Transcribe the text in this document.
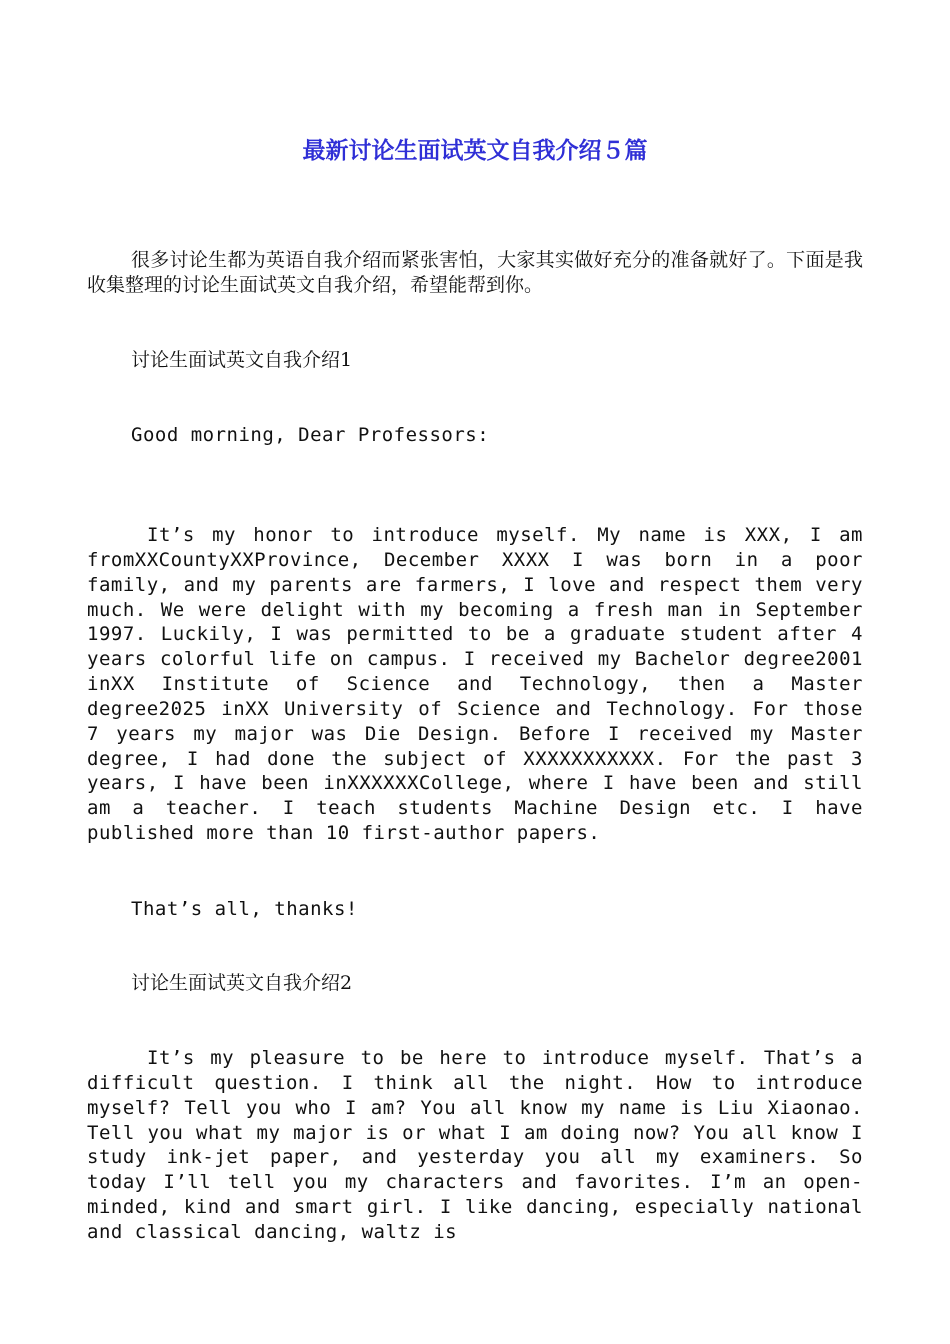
最新讨论生面试英文自我介绍５篇

很多讨论生都为英语自我介绍而紧张害怕，大家其实做好充分的准备就好了。下面是我收集整理的讨论生面试英文自我介绍，希望能帮到你。

讨论生面试英文自我介绍1

Good morning, Dear Professors:

It’s my honor to introduce myself. My name is XXX, I am fromXXCountyXXProvince, December XXXX I was born in a poor family, and my parents are farmers, I love and respect them very much. We were delight with my becoming a fresh man in September 1997. Luckily, I was permitted to be a graduate student after 4 years colorful life on campus. I received my Bachelor degree2001 inXX Institute of Science and Technology, then a Master degree2025 inXX University of Science and Technology. For those 7 years my major was Die Design. Before I received my Master degree, I had done the subject of XXXXXXXXXXX. For the past 3 years, I have been inXXXXXXCollege, where I have been and still am a teacher. I teach students Machine Design etc. I have published more than 10 first-author papers.

That’s all, thanks!

讨论生面试英文自我介绍2

It’s my pleasure to be here to introduce myself. That’s a difficult question. I think all the night. How to introduce myself? Tell you who I am? You all know my name is Liu Xiaonao. Tell you what my major is or what I am doing now? You all know I study ink-jet paper, and yesterday you all my examiners. So today I’ll tell you my characters and favorites. I’m an open-minded, kind and smart girl. I like dancing, especially national and classical dancing, waltz is
